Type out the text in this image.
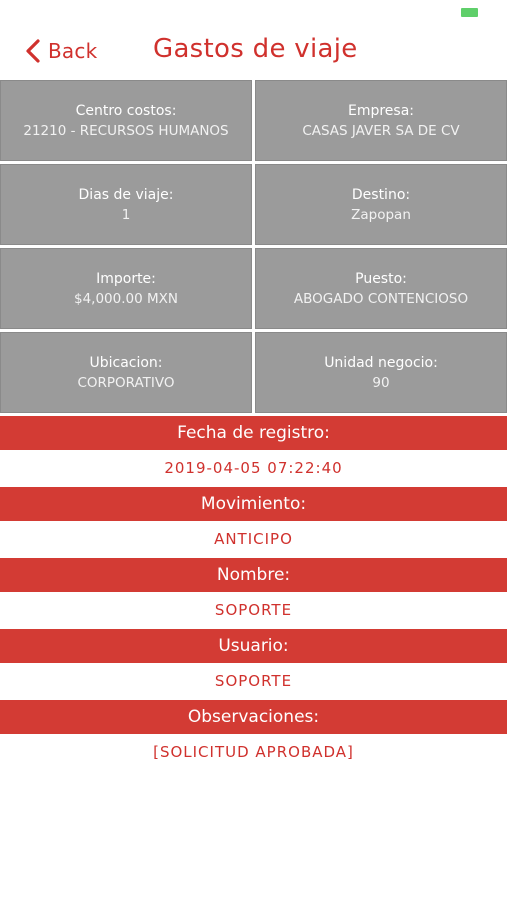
Back Gastos de viaje
Centro costos:
21210 - RECURSOS HUMANOS
Empresa:
CASAS JAVER SA DE CV
Dias de viaje:
1
Destino:
Zapopan
Importe:
$4,000.00 MXN
Puesto:
ABOGADO CONTENCIOSO
Ubicacion:
CORPORATIVO
Unidad negocio:
90
Fecha de registro:
2019-04-05 07:22:40
Movimiento:
ANTICIPO
Nombre:
SOPORTE
Usuario:
SOPORTE
Observaciones:
[SOLICITUD APROBADA]
